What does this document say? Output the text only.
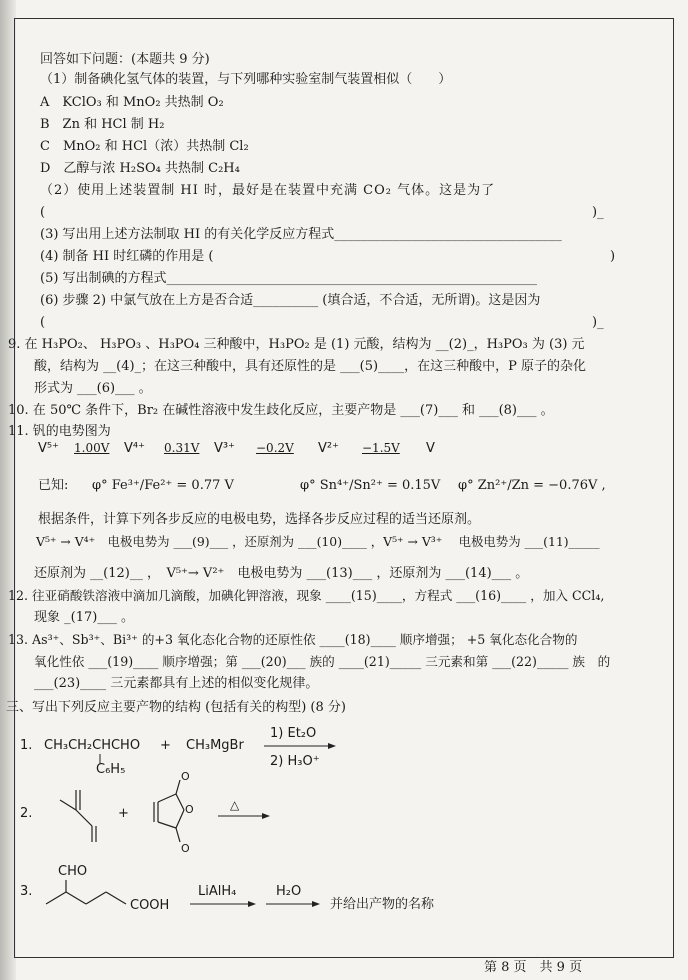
回答如下问题：(本题共 9 分)
（1）制备碘化氢气体的装置，与下列哪种实验室制气装置相似（　　）
A　KClO₃ 和 MnO₂ 共热制 O₂
B　Zn 和 HCl 制 H₂
C　MnO₂ 和 HCl（浓）共热制 Cl₂
D　乙醇与浓 H₂SO₄ 共热制 C₂H₄
（2）使用上述装置制 HI 时，最好是在装置中充满 CO₂ 气体。这是为了
(	)_
(3) 写出用上述方法制取 HI 的有关化学反应方程式___________________________________
(4) 制备 HI 时红磷的作用是 (	)
(5) 写出制碘的方程式_________________________________________________________
(6) 步骤 2) 中氯气放在上方是否合适__________ (填合适，不合适，无所谓)。这是因为
(	)_
9. 在 H₃PO₂、 H₃PO₃ 、H₃PO₄ 三种酸中，H₃PO₂ 是 (1) 元酸，结构为 __(2)_，H₃PO₃ 为 (3) 元
酸，结构为 __(4)_；在这三种酸中，具有还原性的是 ___(5)____，在这三种酸中，P 原子的杂化
形式为 ___(6)___ 。
10. 在 50℃ 条件下，Br₂ 在碱性溶液中发生歧化反应，主要产物是 ___(7)___ 和 ___(8)___ 。
11. 钒的电势图为
V⁵⁺ 1.00V V⁴⁺ 0.31V V³⁺ −0.2V V²⁺ −1.5V V
已知: φ° Fe³⁺/Fe²⁺ = 0.77 V	φ° Sn⁴⁺/Sn²⁺ = 0.15V φ° Zn²⁺/Zn = −0.76V ,
根据条件，计算下列各步反应的电极电势，选择各步反应过程的适当还原剂。
V⁵⁺ → V⁴⁺　电极电势为 ___(9)___ ，还原剂为 ___(10)____ ，V⁵⁺ → V³⁺　 电极电势为 ___(11)_____
还原剂为 __(12)__ ，　V⁵⁺→ V²⁺　电极电势为 ___(13)___ ，还原剂为 ___(14)___ 。
12. 往亚硝酸铁溶液中滴加几滴酸，加碘化钾溶液，现象 ____(15)____，方程式 ___(16)____ ，加入 CCl₄,
现象 _(17)___ 。
13. As³⁺、Sb³⁺、Bi³⁺ 的+3 氧化态化合物的还原性依 ____(18)____ 顺序增强； +5 氧化态化合物的
氧化性依 ___(19)____ 顺序增强；第 ___(20)___ 族的 ____(21)_____ 三元素和第 ___(22)_____ 族　的
___(23)____ 三元素都具有上述的相似变化规律。
三、写出下列反应主要产物的结构 (包括有关的构型) (8 分)
1. CH₃CH₂CHCHO
C₆H₅
+ CH₃MgBr
1) Et₂O
2) H₃O⁺
2.	+
△
O
O
O
3.
CHO
COOH
LiAlH₄	H₂O
并给出产物的名称
第 8 页　共 9 页
